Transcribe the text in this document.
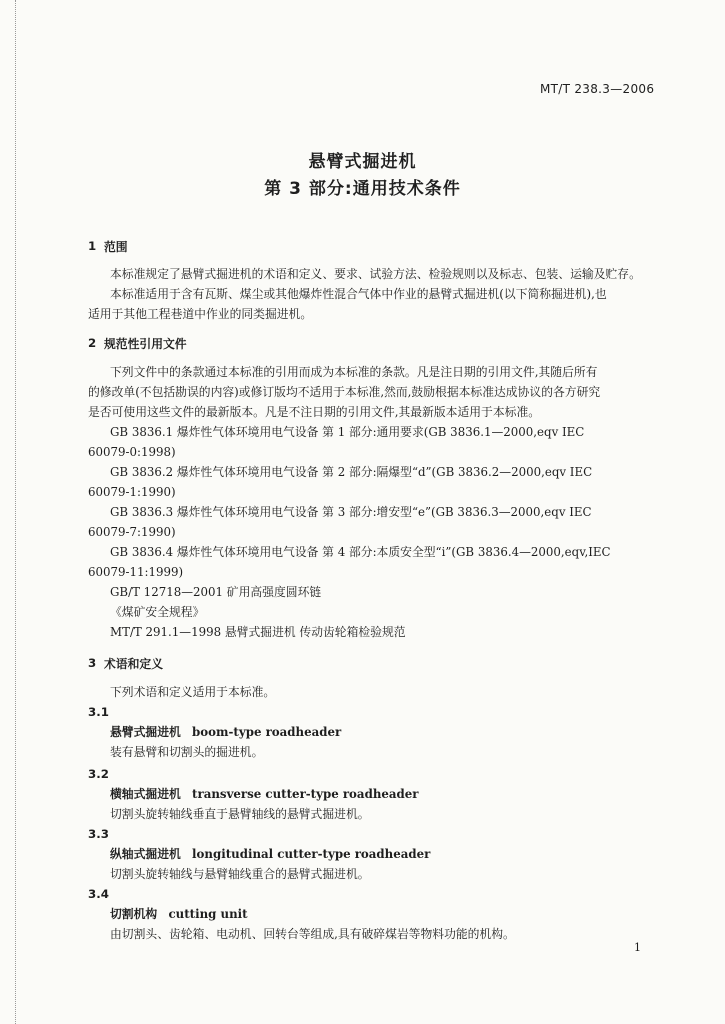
MT/T 238.3—2006
悬臂式掘进机
第 3 部分:通用技术条件
1 范围
本标准规定了悬臂式掘进机的术语和定义、要求、试验方法、检验规则以及标志、包装、运输及贮存。
本标准适用于含有瓦斯、煤尘或其他爆炸性混合气体中作业的悬臂式掘进机(以下简称掘进机),也
适用于其他工程巷道中作业的同类掘进机。
2 规范性引用文件
下列文件中的条款通过本标准的引用而成为本标准的条款。凡是注日期的引用文件,其随后所有
的修改单(不包括勘误的内容)或修订版均不适用于本标准,然而,鼓励根据本标准达成协议的各方研究
是否可使用这些文件的最新版本。凡是不注日期的引用文件,其最新版本适用于本标准。
GB 3836.1 爆炸性气体环境用电气设备 第 1 部分:通用要求(GB 3836.1—2000,eqv IEC
60079-0:1998)
GB 3836.2 爆炸性气体环境用电气设备 第 2 部分:隔爆型“d”(GB 3836.2—2000,eqv IEC
60079-1:1990)
GB 3836.3 爆炸性气体环境用电气设备 第 3 部分:增安型“e”(GB 3836.3—2000,eqv IEC
60079-7:1990)
GB 3836.4 爆炸性气体环境用电气设备 第 4 部分:本质安全型“i”(GB 3836.4—2000,eqv,IEC
60079-11:1999)
GB/T 12718—2001 矿用高强度圆环链
《煤矿安全规程》
MT/T 291.1—1998 悬臂式掘进机 传动齿轮箱检验规范
3 术语和定义
下列术语和定义适用于本标准。
3.1
悬臂式掘进机 boom-type roadheader
装有悬臂和切割头的掘进机。
3.2
横轴式掘进机 transverse cutter-type roadheader
切割头旋转轴线垂直于悬臂轴线的悬臂式掘进机。
3.3
纵轴式掘进机 longitudinal cutter-type roadheader
切割头旋转轴线与悬臂轴线重合的悬臂式掘进机。
3.4
切割机构 cutting unit
由切割头、齿轮箱、电动机、回转台等组成,具有破碎煤岩等物料功能的机构。
1
